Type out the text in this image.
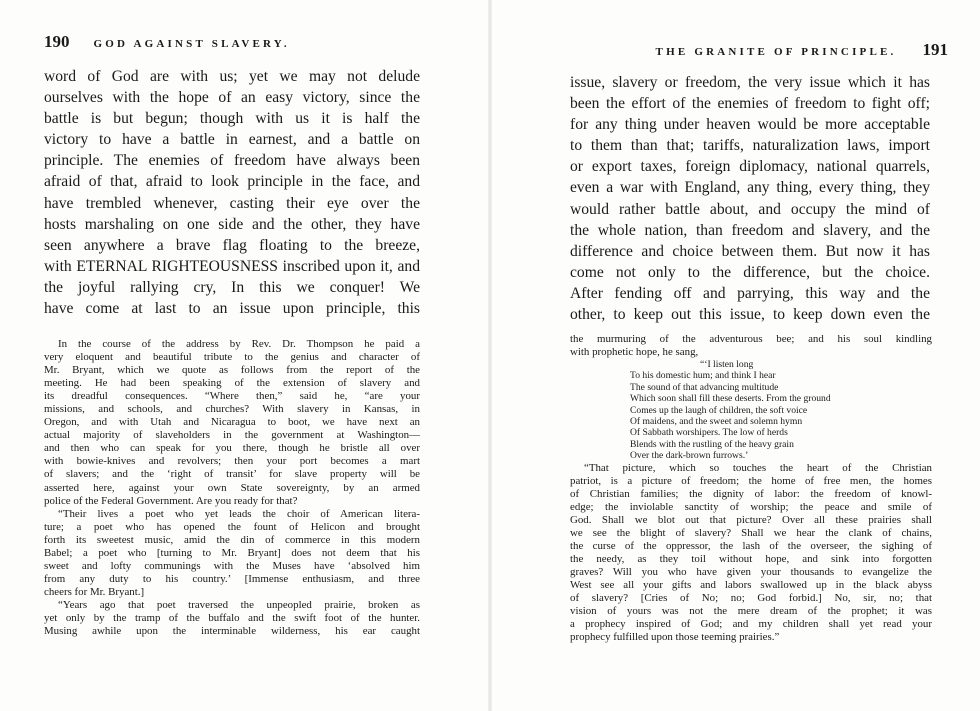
190 GOD AGAINST SLAVERY.
word of God are with us; yet we may not delude
ourselves with the hope of an easy victory, since the
battle is but begun; though with us it is half the
victory to have a battle in earnest, and a battle on
principle. The enemies of freedom have always been
afraid of that, afraid to look principle in the face, and
have trembled whenever, casting their eye over the
hosts marshaling on one side and the other, they have
seen anywhere a brave flag floating to the breeze,
with ETERNAL RIGHTEOUSNESS inscribed upon it, and
the joyful rallying cry, In this we conquer! We
have come at last to an issue upon principle, this
In the course of the address by Rev. Dr. Thompson he paid a
very eloquent and beautiful tribute to the genius and character of
Mr. Bryant, which we quote as follows from the report of the
meeting. He had been speaking of the extension of slavery and
its dreadful consequences. “Where then,” said he, “are your
missions, and schools, and churches? With slavery in Kansas, in
Oregon, and with Utah and Nicaragua to boot, we have next an
actual majority of slaveholders in the government at Washington—
and then who can speak for you there, though he bristle all over
with bowie-knives and revolvers; then your port becomes a mart
of slavers; and the ‘right of transit’ for slave property will be
asserted here, against your own State sovereignty, by an armed
police of the Federal Government. Are you ready for that?
“Their lives a poet who yet leads the choir of American litera-
ture; a poet who has opened the fount of Helicon and brought
forth its sweetest music, amid the din of commerce in this modern
Babel; a poet who [turning to Mr. Bryant] does not deem that his
sweet and lofty communings with the Muses have ‘absolved him
from any duty to his country.’ [Immense enthusiasm, and three
cheers for Mr. Bryant.]
“Years ago that poet traversed the unpeopled prairie, broken as
yet only by the tramp of the buffalo and the swift foot of the hunter.
Musing awhile upon the interminable wilderness, his ear caught
THE GRANITE OF PRINCIPLE. 191
issue, slavery or freedom, the very issue which it has
been the effort of the enemies of freedom to fight off;
for any thing under heaven would be more acceptable
to them than that; tariffs, naturalization laws, import
or export taxes, foreign diplomacy, national quarrels,
even a war with England, any thing, every thing, they
would rather battle about, and occupy the mind of
the whole nation, than freedom and slavery, and the
difference and choice between them. But now it has
come not only to the difference, but the choice.
After fending off and parrying, this way and the
other, to keep out this issue, to keep down even the
the murmuring of the adventurous bee; and his soul kindling
with prophetic hope, he sang,
“‘I listen long
To his domestic hum; and think I hear
The sound of that advancing multitude
Which soon shall fill these deserts. From the ground
Comes up the laugh of children, the soft voice
Of maidens, and the sweet and solemn hymn
Of Sabbath worshipers. The low of herds
Blends with the rustling of the heavy grain
Over the dark-brown furrows.’
“That picture, which so touches the heart of the Christian
patriot, is a picture of freedom; the home of free men, the homes
of Christian families; the dignity of labor: the freedom of knowl-
edge; the inviolable sanctity of worship; the peace and smile of
God. Shall we blot out that picture? Over all these prairies shall
we see the blight of slavery? Shall we hear the clank of chains,
the curse of the oppressor, the lash of the overseer, the sighing of
the needy, as they toil without hope, and sink into forgotten
graves? Will you who have given your thousands to evangelize the
West see all your gifts and labors swallowed up in the black abyss
of slavery? [Cries of No; no; God forbid.] No, sir, no; that
vision of yours was not the mere dream of the prophet; it was
a prophecy inspired of God; and my children shall yet read your
prophecy fulfilled upon those teeming prairies.”
